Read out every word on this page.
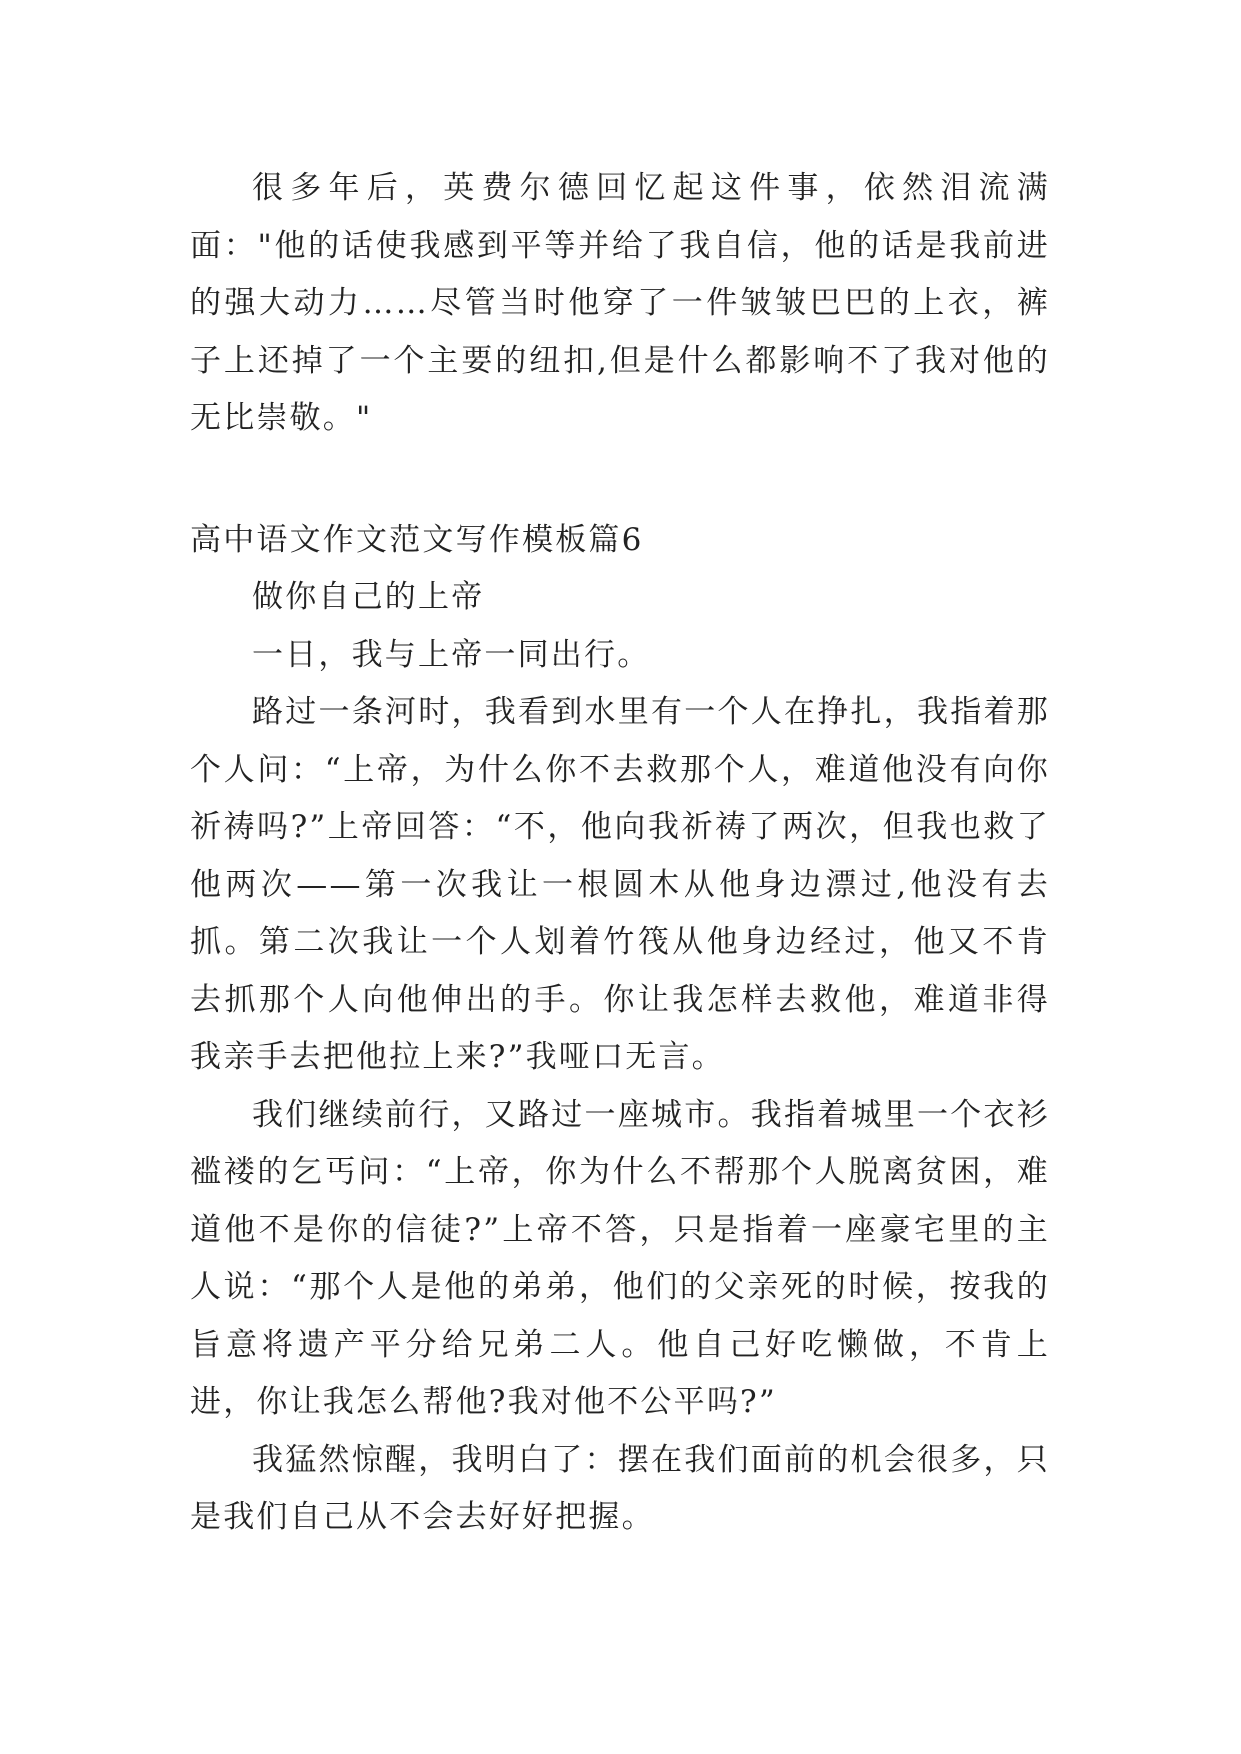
很多年后，英费尔德回忆起这件事，依然泪流满面："他的话使我感到平等并给了我自信，他的话是我前进的强大动力……尽管当时他穿了一件皱皱巴巴的上衣，裤子上还掉了一个主要的纽扣,但是什么都影响不了我对他的无比崇敬。"

高中语文作文范文写作模板篇6

做你自己的上帝

一日，我与上帝一同出行。

路过一条河时，我看到水里有一个人在挣扎，我指着那个人问：“上帝，为什么你不去救那个人，难道他没有向你祈祷吗?”上帝回答：“不，他向我祈祷了两次，但我也救了他两次——第一次我让一根圆木从他身边漂过,他没有去抓。第二次我让一个人划着竹筏从他身边经过，他又不肯去抓那个人向他伸出的手。你让我怎样去救他，难道非得我亲手去把他拉上来?”我哑口无言。

我们继续前行，又路过一座城市。我指着城里一个衣衫褴褛的乞丐问：“上帝，你为什么不帮那个人脱离贫困，难道他不是你的信徒?”上帝不答，只是指着一座豪宅里的主人说：“那个人是他的弟弟，他们的父亲死的时候，按我的旨意将遗产平分给兄弟二人。他自己好吃懒做，不肯上进，你让我怎么帮他?我对他不公平吗?”

我猛然惊醒，我明白了：摆在我们面前的机会很多，只是我们自己从不会去好好把握。
